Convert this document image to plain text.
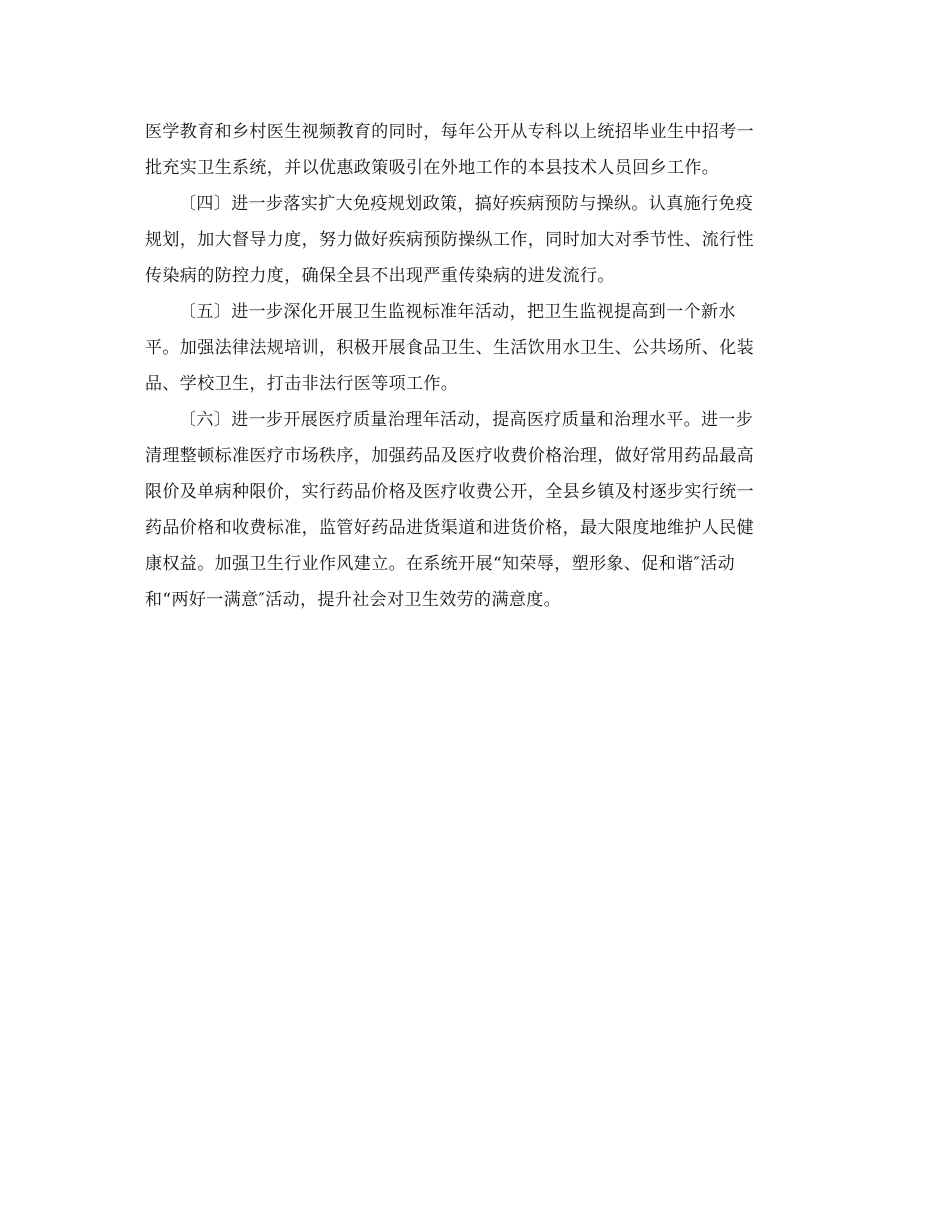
医学教育和乡村医生视频教育的同时，每年公开从专科以上统招毕业生中招考一
批充实卫生系统，并以优惠政策吸引在外地工作的本县技术人员回乡工作。
〔四〕进一步落实扩大免疫规划政策，搞好疾病预防与操纵。认真施行免疫
规划，加大督导力度，努力做好疾病预防操纵工作，同时加大对季节性、流行性
传染病的防控力度，确保全县不出现严重传染病的进发流行。
〔五〕进一步深化开展卫生监视标准年活动，把卫生监视提高到一个新水
平。加强法律法规培训，积极开展食品卫生、生活饮用水卫生、公共场所、化装
品、学校卫生，打击非法行医等项工作。
〔六〕进一步开展医疗质量治理年活动，提高医疗质量和治理水平。进一步
清理整顿标准医疗市场秩序，加强药品及医疗收费价格治理，做好常用药品最高
限价及单病种限价，实行药品价格及医疗收费公开，全县乡镇及村逐步实行统一
药品价格和收费标准，监管好药品进货渠道和进货价格，最大限度地维护人民健
康权益。加强卫生行业作风建立。在系统开展“知荣辱，塑形象、促和谐″活动
和“两好一满意″活动，提升社会对卫生效劳的满意度。
